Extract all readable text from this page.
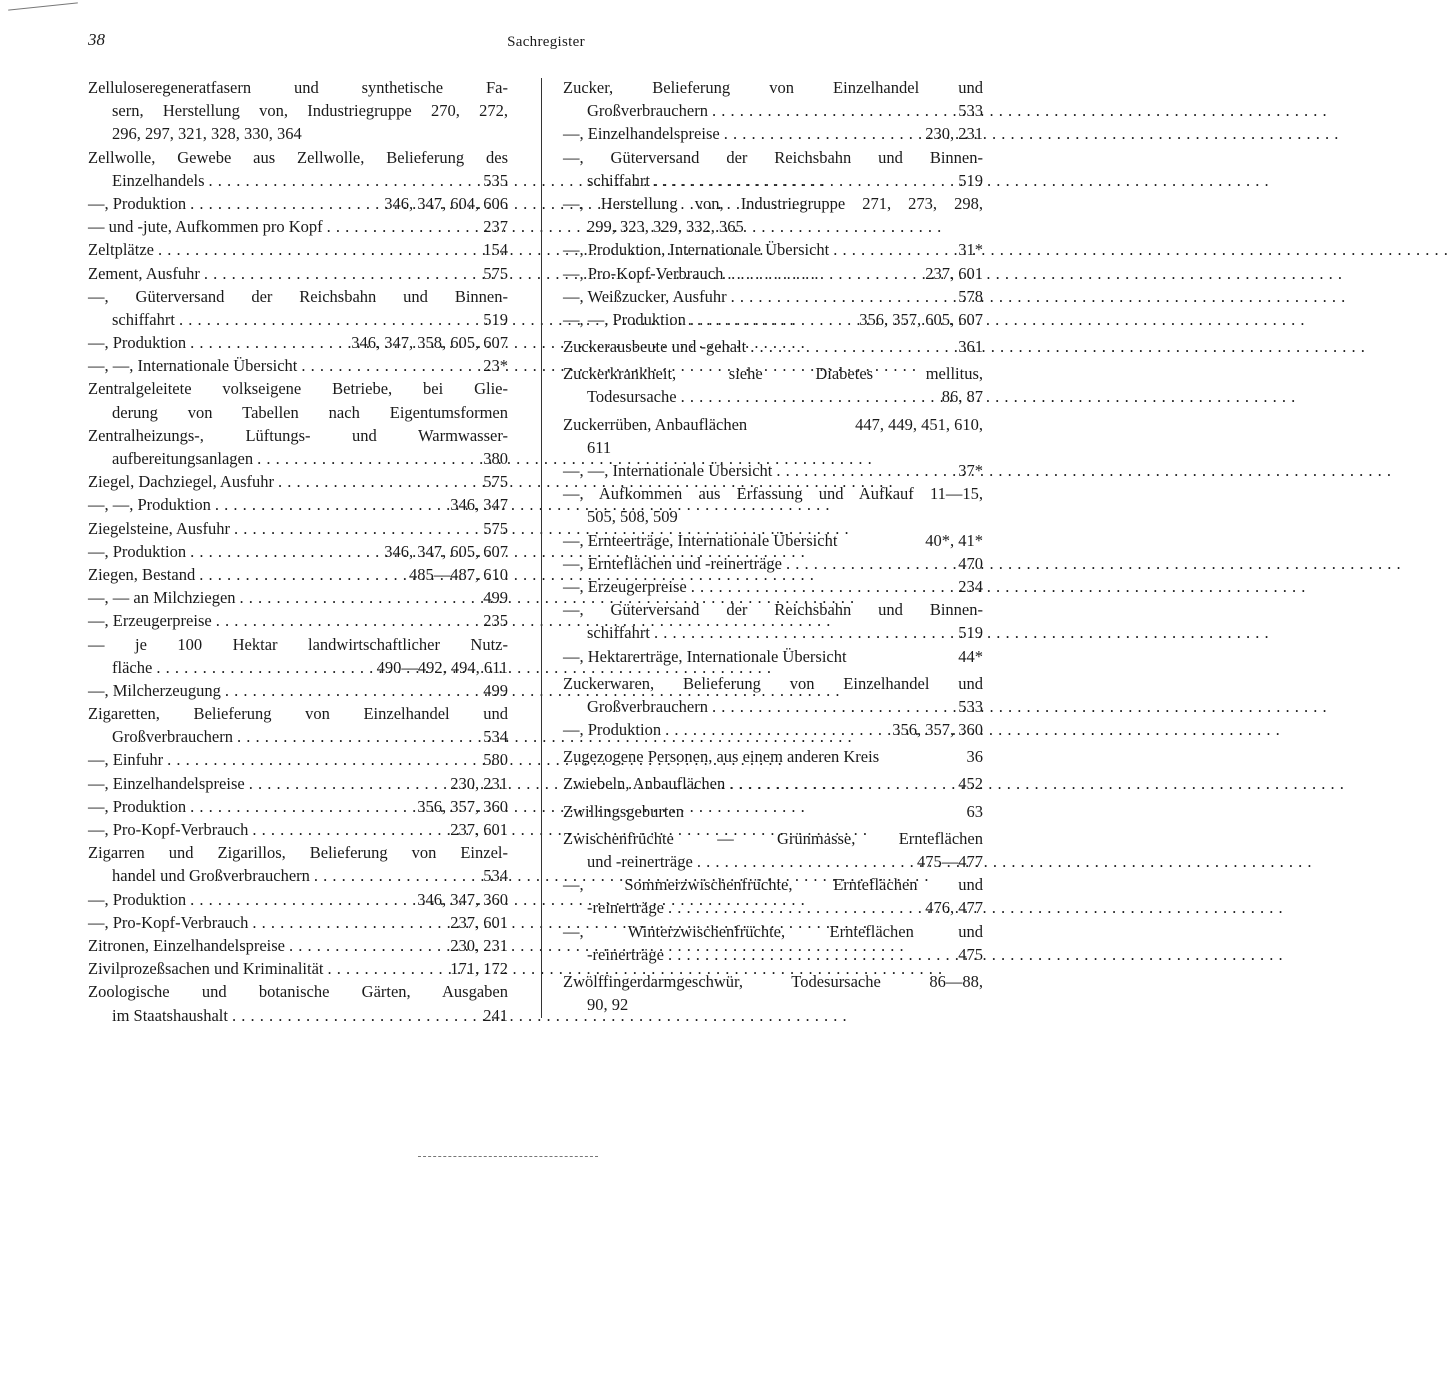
38	Sachregister
Zelluloseregeneratfasern und synthetische Fa-
sern, Herstellung von, Industriegruppe 270, 272,
296, 297, 321, 328, 330, 364
Zellwolle, Gewebe aus Zellwolle, Belieferung des
Einzelhandels . . .	535
—, Produktion . . .	346, 347, 604, 606
— und -jute, Aufkommen pro Kopf . . .	237
Zeltplätze . . .	154
Zement, Ausfuhr . . .	575
—, Güterversand der Reichsbahn und Binnen-
schiffahrt . . .	519
—, Produktion . . .	346, 347, 358, 605, 607
—, —, Internationale Übersicht . . .	23*
Zentralgeleitete volkseigene Betriebe, bei Glie-
derung von Tabellen nach Eigentumsformen
Zentralheizungs-, Lüftungs- und Warmwasser-
aufbereitungsanlagen . . .	380
Ziegel, Dachziegel, Ausfuhr . . .	575
—, —, Produktion . . .	346, 347
Ziegelsteine, Ausfuhr . . .	575
—, Produktion . . .	346, 347, 605, 607
Ziegen, Bestand . . .	485—487, 610
—, — an Milchziegen . . .	499
—, Erzeugerpreise . . .	235
— je 100 Hektar landwirtschaftlicher Nutz-
fläche . . .	490—492, 494, 611
—, Milcherzeugung . . .	499
Zigaretten, Belieferung von Einzelhandel und
Großverbrauchern . . .	534
—, Einfuhr . . .	580
—, Einzelhandelspreise . . .	230, 231
—, Produktion . . .	356, 357, 360
—, Pro-Kopf-Verbrauch . . .	237, 601
Zigarren und Zigarillos, Belieferung von Einzel-
handel und Großverbrauchern . . .	534
—, Produktion . . .	346, 347, 360
—, Pro-Kopf-Verbrauch . . .	237, 601
Zitronen, Einzelhandelspreise . . .	230, 231
Zivilprozeßsachen und Kriminalität . . .	171, 172
Zoologische und botanische Gärten, Ausgaben
im Staatshaushalt . . .	241
Zucker, Belieferung von Einzelhandel und
Großverbrauchern . . .	533
—, Einzelhandelspreise . . .	230, 231
—, Güterversand der Reichsbahn und Binnen-
schiffahrt . . .	519
—, Herstellung von, Industriegruppe 271, 273, 298,
299, 323, 329, 332, 365
—, Produktion, Internationale Übersicht . . .	31*
—, Pro-Kopf-Verbrauch . . .	237, 601
—, Weißzucker, Ausfuhr . . .	578
—, —, Produktion . . .	356, 357, 605, 607
Zuckerausbeute und -gehalt . . .	361
Zuckerkrankheit, siehe Diabetes mellitus,
Todesursache . . .	86, 87
Zuckerrüben, Anbauflächen	447, 449, 451, 610,
611
—, —, Internationale Übersicht . . .	37*
—, Aufkommen aus Erfassung und Aufkauf 11—15,
505, 508, 509
—, Ernteerträge, Internationale Übersicht	40*, 41*
—, Ernteflächen und -reinerträge . . .	470
—, Erzeugerpreise . . .	234
—, Güterversand der Reichsbahn und Binnen-
schiffahrt . . .	519
—, Hektarerträge, Internationale Übersicht	44*
Zuckerwaren, Belieferung von Einzelhandel und
Großverbrauchern . . .	533
—, Produktion . . .	356, 357, 360
Zugezogene Personen, aus einem anderen Kreis	36
Zwiebeln, Anbauflächen . . .	452
Zwillingsgeburten	63
Zwischenfrüchte — Grünmasse, Ernteflächen
und -reinerträge . . .	475—477
—, Sommerzwischenfrüchte, Ernteflächen und
-reinerträge . . .	476, 477
—, Winterzwischenfrüchte, Ernteflächen und
-reinerträge . . .	475
Zwölffingerdarmgeschwür, Todesursache 86—88,
90, 92
